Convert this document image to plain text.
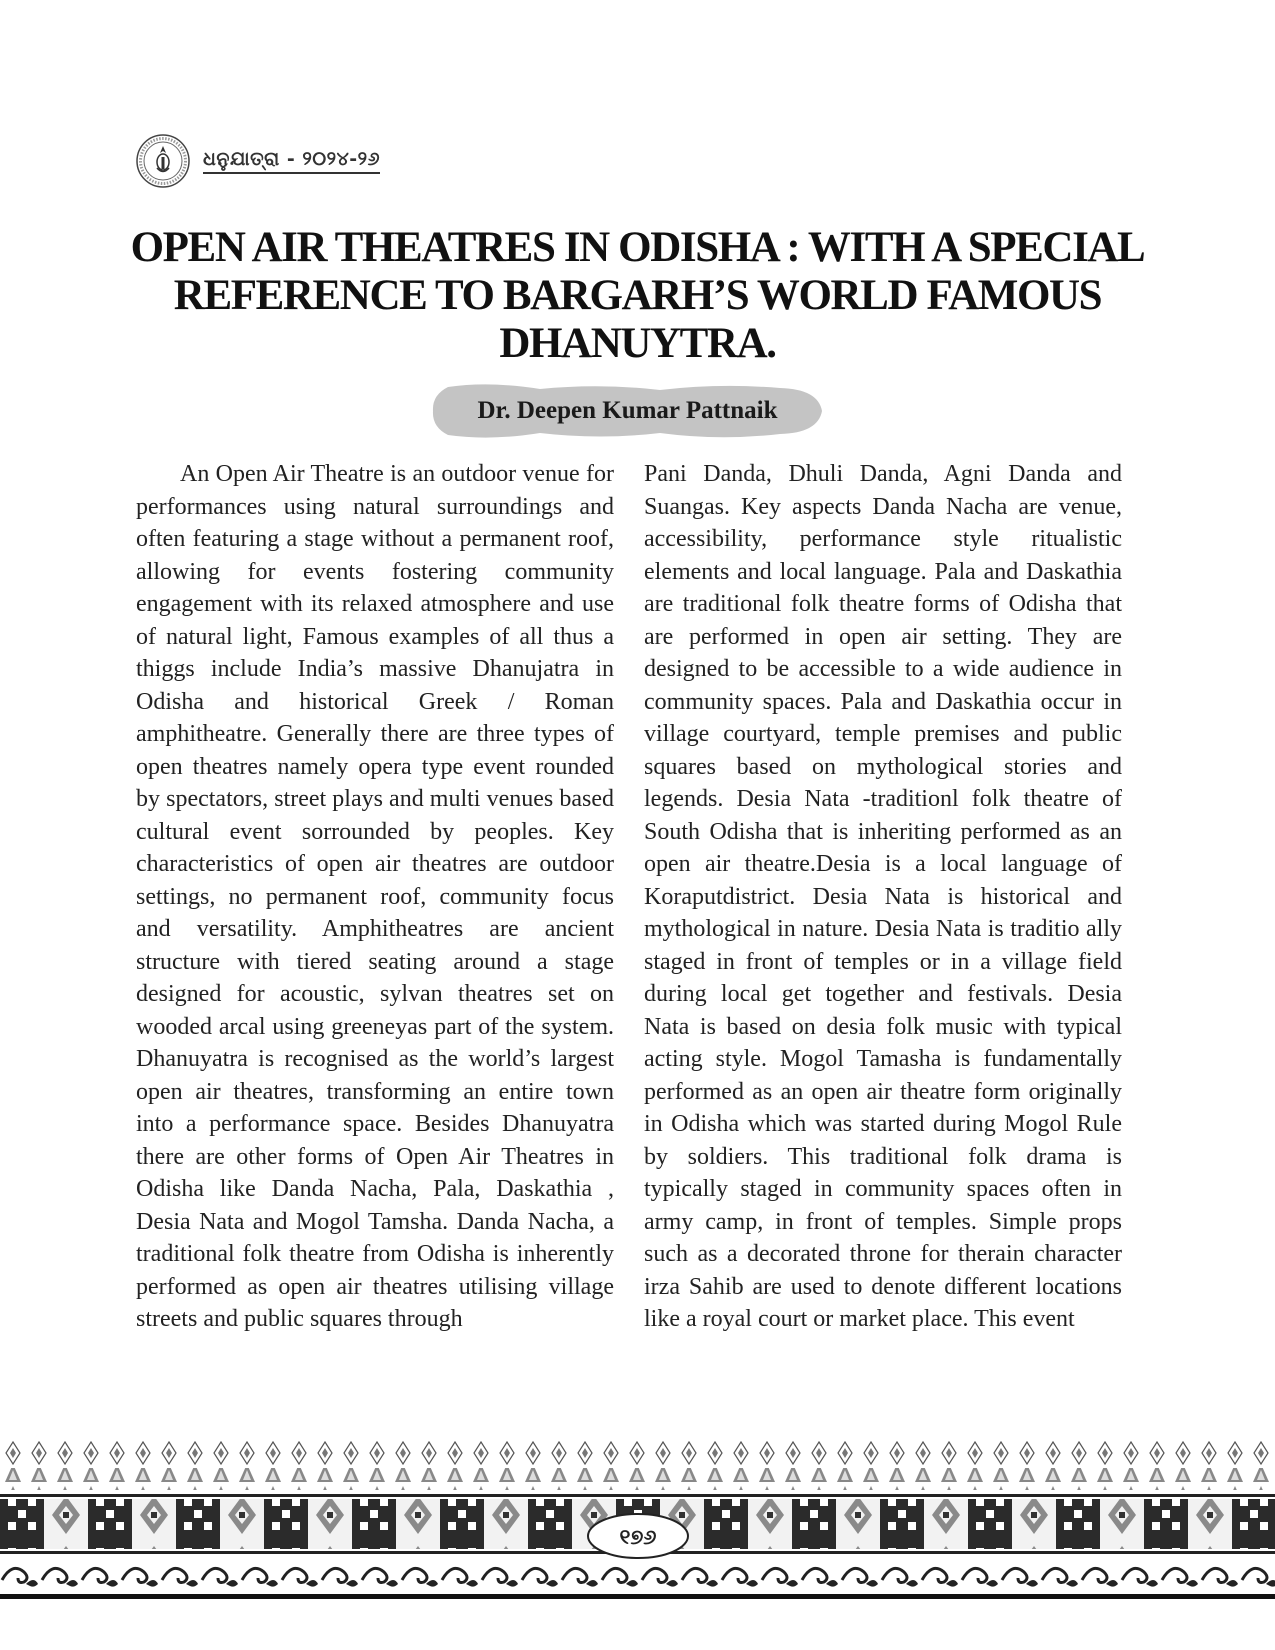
ଧନୁଯାତ୍ରା - ୨୦୨୪-୨୬
OPEN AIR THEATRES IN ODISHA : WITH A SPECIAL REFERENCE TO BARGARH’S WORLD FAMOUS DHANUYTRA.

Dr. Deepen Kumar Pattnaik

An Open Air Theatre is an outdoor venue for performances using natural surroundings and often featuring a stage without a permanent roof, allowing for events fostering community engagement with its relaxed atmosphere and use of natural light, Famous examples of all thus a thiggs include India’s massive Dhanujatra in Odisha and historical Greek / Roman amphitheatre. Generally there are three types of open theatres namely opera type event rounded by spectators, street plays and multi venues based cultural event sorrounded by peoples. Key characteristics of open air theatres are outdoor settings, no permanent roof, community focus and versatility. Amphitheatres are ancient structure with tiered seating around a stage designed for acoustic, sylvan theatres set on wooded arcal using greeneyas part of the system. Dhanuyatra is recognised as the world’s largest open air theatres, transforming an entire town into a performance space. Besides Dhanuyatra there are other forms of Open Air Theatres in Odisha like Danda Nacha, Pala, Daskathia , Desia Nata and Mogol Tamsha. Danda Nacha, a traditional folk theatre from Odisha is inherently performed as open air theatres utilising village streets and public squares through

Pani Danda, Dhuli Danda, Agni Danda and Suangas. Key aspects Danda Nacha are venue, accessibility, performance style ritualistic elements and local language. Pala and Daskathia are traditional folk theatre forms of Odisha that are performed in open air setting. They are designed to be accessible to a wide audience in community spaces. Pala and Daskathia occur in village courtyard, temple premises and public squares based on mythological stories and legends. Desia Nata -traditionl folk theatre of South Odisha that is inheriting performed as an open air theatre.Desia is a local language of Koraputdistrict. Desia Nata is historical and mythological in nature. Desia Nata is traditio ally staged in front of temples or in a village field during local get together and festivals. Desia Nata is based on desia folk music with typical acting style. Mogol Tamasha is fundamentally performed as an open air theatre form originally in Odisha which was started during Mogol Rule by soldiers. This traditional folk drama is typically staged in community spaces often in army camp, in front of temples. Simple props such as a decorated throne for therain character irza Sahib are used to denote different locations like a royal court or market place. This event

୧୭୬
